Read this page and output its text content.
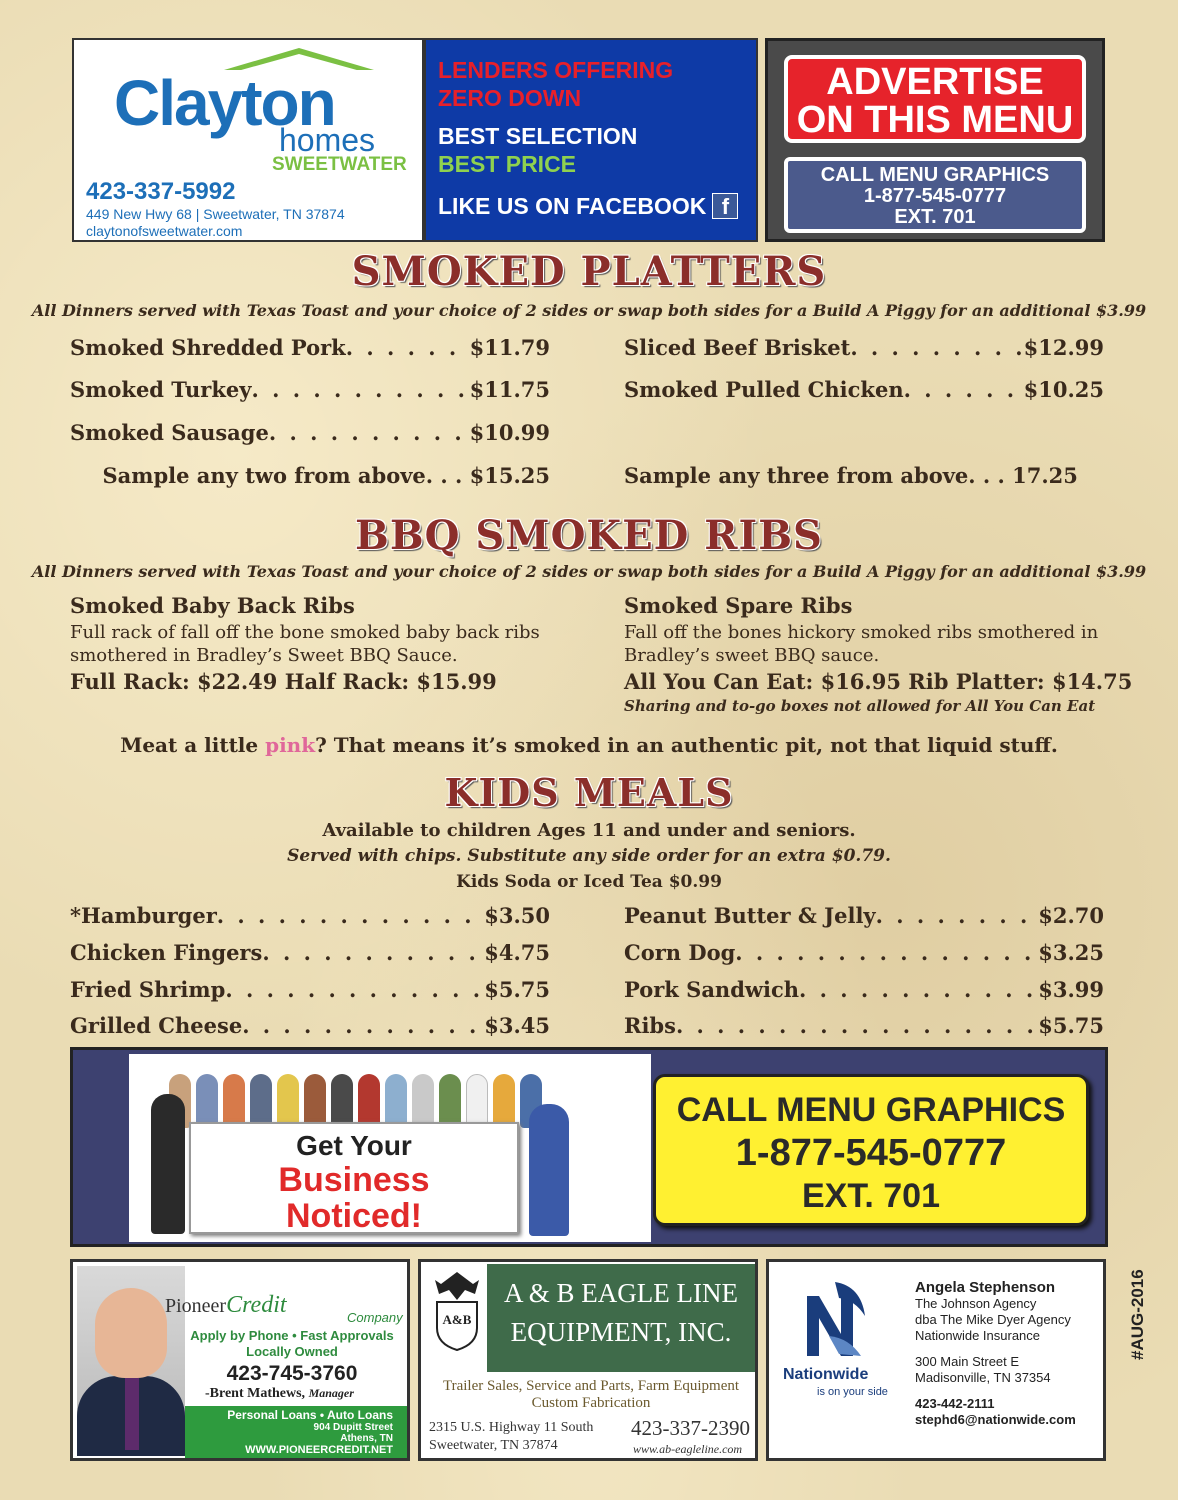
Clayton
homes
SWEETWATER
423-337-5992
449 New Hwy 68 | Sweetwater, TN 37874
claytonofsweetwater.com
LENDERS OFFERING
ZERO DOWN
BEST SELECTION
BEST PRICE
LIKE US ON FACEBOOK f
ADVERTISE
ON THIS MENU
CALL MENU GRAPHICS
1-877-545-0777
EXT. 701
SMOKED PLATTERS
All Dinners served with Texas Toast and your choice of 2 sides or swap both sides for a Build A Piggy for an additional $3.99
Smoked Shredded Pork . . .	$11.79
Smoked Turkey . . .	$11.75
Smoked Sausage . . .	$10.99
Sliced Beef Brisket . . .	$12.99
Smoked Pulled Chicken . . .	$10.25
Sample any two from above. . . $15.25	Sample any three from above. . . 17.25
BBQ SMOKED RIBS
All Dinners served with Texas Toast and your choice of 2 sides or swap both sides for a Build A Piggy for an additional $3.99
Smoked Baby Back Ribs
Full rack of fall off the bone smoked baby back ribs
smothered in Bradley’s Sweet BBQ Sauce.
Full Rack: $22.49 Half Rack: $15.99
Smoked Spare Ribs
Fall off the bones hickory smoked ribs smothered in
Bradley’s sweet BBQ sauce.
All You Can Eat: $16.95 Rib Platter: $14.75
Sharing and to-go boxes not allowed for All You Can Eat
Meat a little pink? That means it’s smoked in an authentic pit, not that liquid stuff.
KIDS MEALS
Available to children Ages 11 and under and seniors.
Served with chips. Substitute any side order for an extra $0.79.
Kids Soda or Iced Tea $0.99
*Hamburger . . .	$3.50
Chicken Fingers . . .	$4.75
Fried Shrimp . . .	$5.75
Grilled Cheese . . .	$3.45
Peanut Butter & Jelly . . .	$2.70
Corn Dog . . .	$3.25
Pork Sandwich . . .	$3.99
Ribs . . .	$5.75
Get Your
Business
Noticed!
CALL MENU GRAPHICS
1-877-545-0777
EXT. 701
PioneerCredit	Company
Apply by Phone • Fast Approvals
Locally Owned
423-745-3760
-Brent Mathews, Manager
Personal Loans • Auto Loans
904 Dupitt Street
Athens, TN
WWW.PIONEERCREDIT.NET
A&B
A & B EAGLE LINE
EQUIPMENT, INC.
Trailer Sales, Service and Parts, Farm Equipment
Custom Fabrication
2315 U.S. Highway 11 South
Sweetwater, TN 37874
423-337-2390
www.ab-eagleline.com
Nationwide
is on your side
Angela Stephenson
The Johnson Agency
dba The Mike Dyer Agency
Nationwide Insurance
300 Main Street E
Madisonville, TN 37354
423-442-2111
stephd6@nationwide.com
#AUG-2016
